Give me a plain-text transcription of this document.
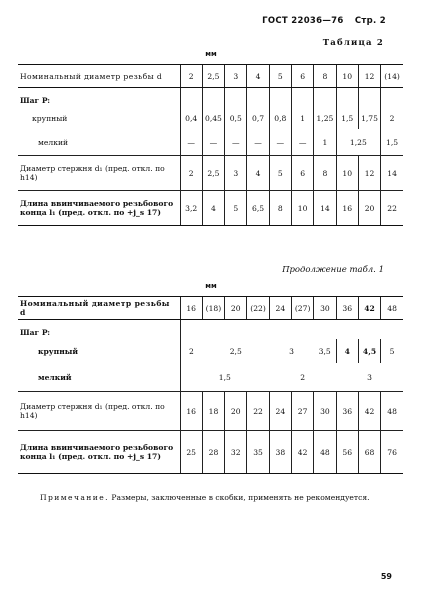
ГОСТ 22036—76 Стр. 2
мм
Таблица 2
Номинальный диаметр резьбы d	2	2,5	3	4	5	6	8	10	12	(14)
Шаг P:										
крупный	0,4	0,45	0,5	0,7	0,8	1	1,25	1,5	1,75	2
мелкий	—	—	—	—	—	—	1	1,25		1,5
Диаметр стержня d₁ (пред. откл. по h14)	2	2,5	3	4	5	6	8	10	12	14
Длина ввинчиваемого резьбового конца l₁ (пред. откл. по +j_s 17)	3,2	4	5	6,5	8	10	14	16	20	22
Продолжение табл. 1
мм
Номинальный диаметр резьбы d	16	(18)	20	(22)	24	(27)	30	36	42	48
Шаг P:										
крупный	2	2,5			3		3,5	4	4,5	5
мелкий	1,5				2			3		
Диаметр стержня d₁ (пред. откл. по h14)	16	18	20	22	24	27	30	36	42	48
Длина ввинчиваемого резьбового конца l₁ (пред. откл. по +j_s 17)	25	28	32	35	38	42	48	56	68	76
Примечание. Размеры, заключенные в скобки, применять не рекомендуется.
59
